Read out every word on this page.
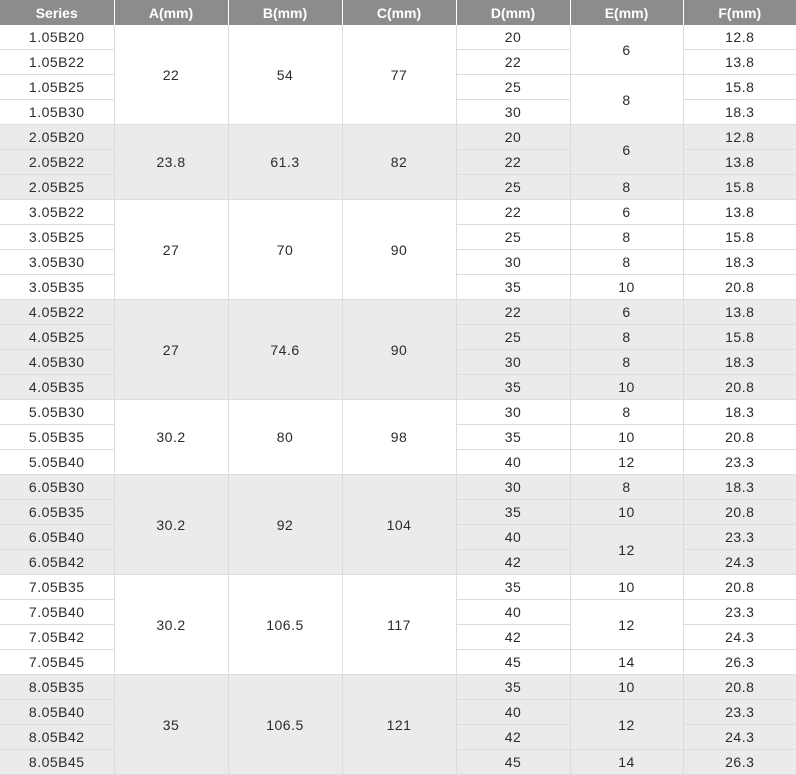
Series	A(mm)	B(mm)	C(mm)	D(mm)	E(mm)	F(mm)
1.05B20	22	54	77	20	6	12.8
1.05B22				22		13.8
1.05B25				25	8	15.8
1.05B30				30		18.3
2.05B20	23.8	61.3	82	20	6	12.8
2.05B22				22		13.8
2.05B25				25	8	15.8
3.05B22	27	70	90	22	6	13.8
3.05B25				25	8	15.8
3.05B30				30	8	18.3
3.05B35				35	10	20.8
4.05B22	27	74.6	90	22	6	13.8
4.05B25				25	8	15.8
4.05B30				30	8	18.3
4.05B35				35	10	20.8
5.05B30	30.2	80	98	30	8	18.3
5.05B35				35	10	20.8
5.05B40				40	12	23.3
6.05B30	30.2	92	104	30	8	18.3
6.05B35				35	10	20.8
6.05B40				40	12	23.3
6.05B42				42		24.3
7.05B35	30.2	106.5	117	35	10	20.8
7.05B40				40	12	23.3
7.05B42				42		24.3
7.05B45				45	14	26.3
8.05B35	35	106.5	121	35	10	20.8
8.05B40				40	12	23.3
8.05B42				42		24.3
8.05B45				45	14	26.3
